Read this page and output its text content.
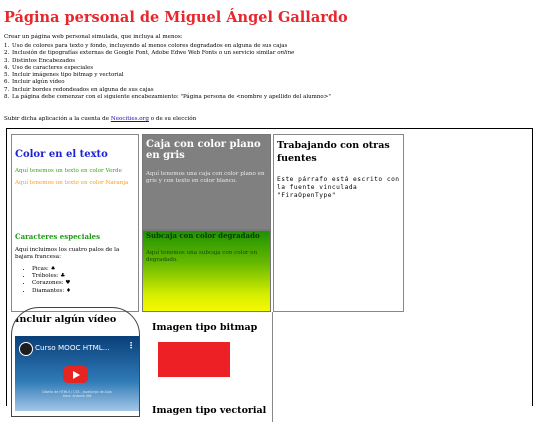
Página personal de Miguel Ángel Gallardo
Crear un página web personal simulada, que incluya al menos:
1. Uso de colores para texto y fondo, incluyendo al menos colores degradados en alguna de sus cajas
2. Inclusión de tipografías externas de Google Font, Adobe Edwe Web Fonts o un servicio similar online
3. Distintos Encabezados
4. Uso de caracteres especiales
5. Incluir imágenes tipo bitmap y vectorial
6. Incluir algún vídeo
7. Incluir bordes redondeados en alguna de sus cajas
8. La página debe comenzar con el siguiente encabezamiento: "Página persona de <nombre y apellido del alumno>"
Subir dicha aplicación a la cuenta de Neocities.org o de su elección
Color en el texto
Aquí tenemos un texto en color Verde
Aquí tenemos un texto en color Naranja
Caracteres especiales
Aquí incluimos los cuatro palos de la bajara francesa:
• Picas: ♠
• Tréboles: ♣
• Corazones: ♥
• Diamantes: ♦
Caja con color plano en gris
Aquí tenemos una caja con color plano en gris y con texto en color blanco.
Subcaja con color degradado
Aquí tenemos una subcaja con color en degradado.
Trabajando con otras fuentes
Este párrafo está escrito con la fuente vinculada "FiraOpenType"
Incluir algún vídeo
Curso MOOC HTML... ⋮
Diseño de HTML5 / CSS - JavaScript de Aula Libre. Antonio UNI
Imagen tipo bitmap
Imagen tipo vectorial
